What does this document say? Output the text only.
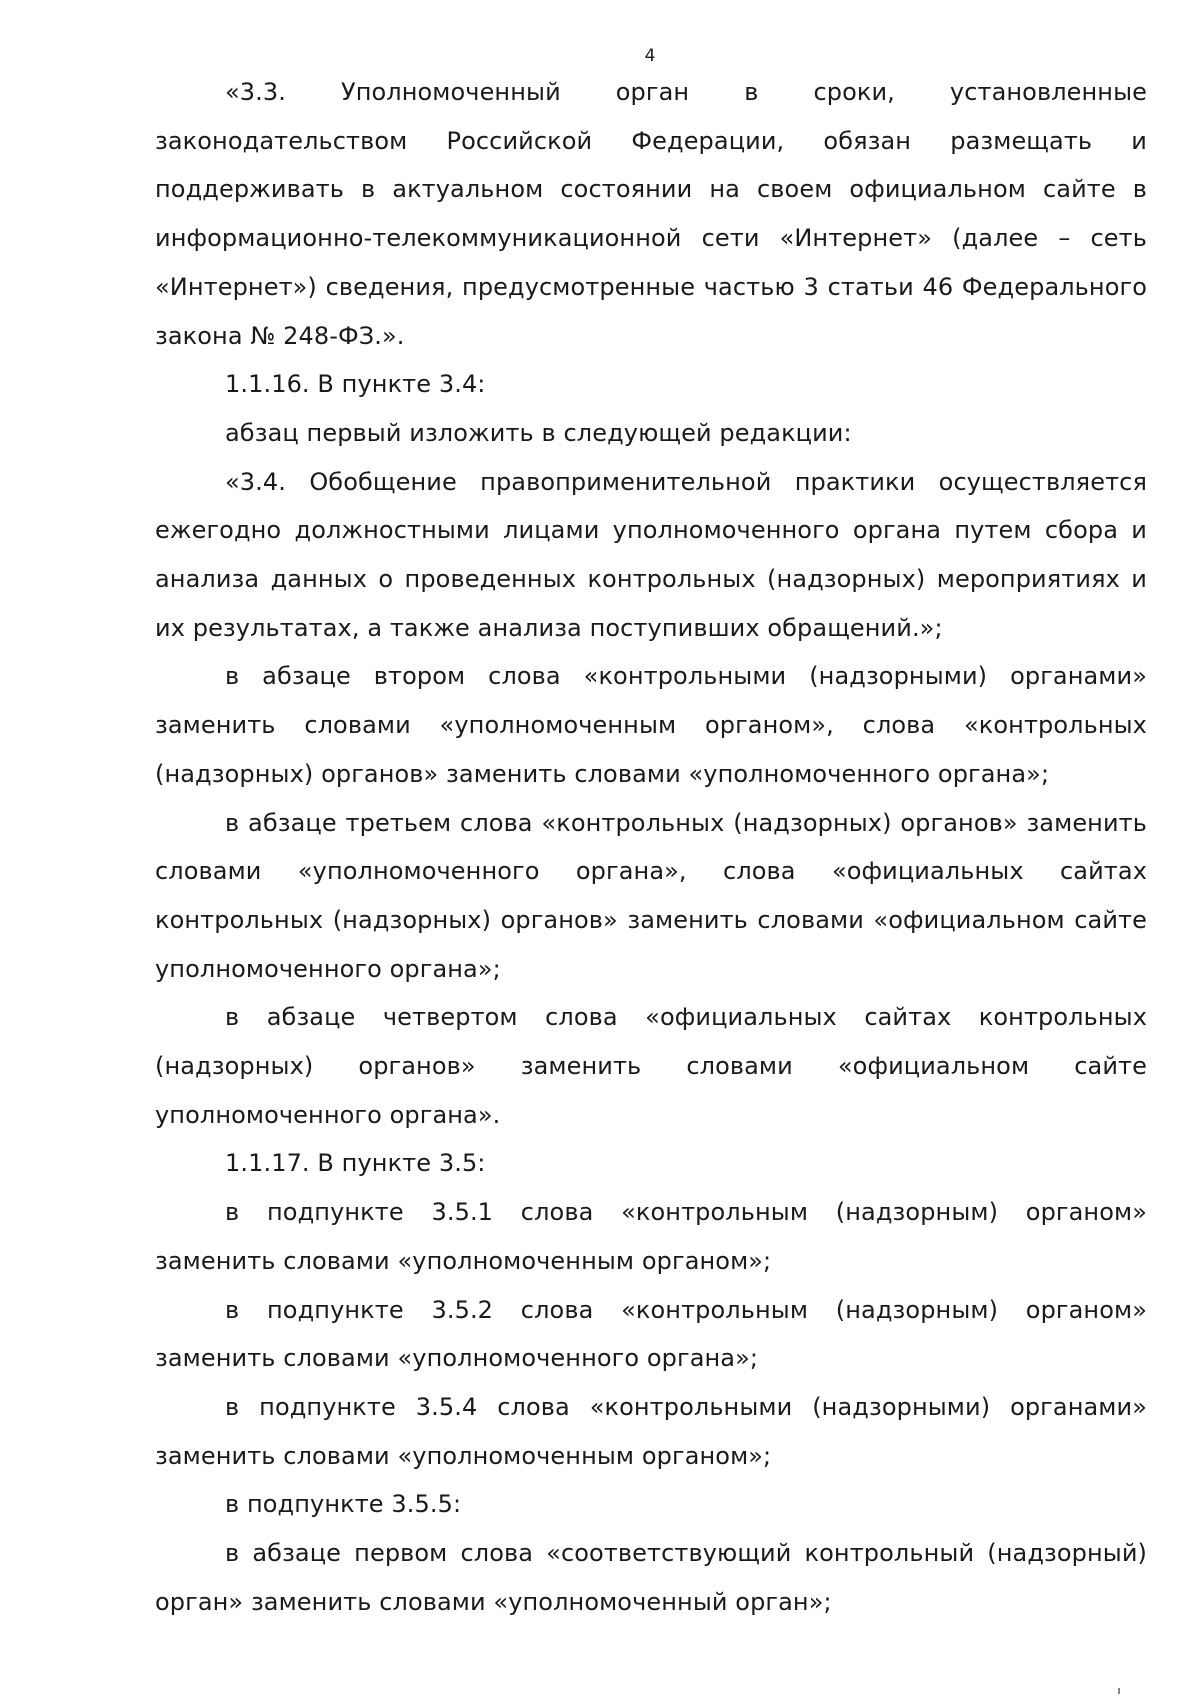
4

«3.3. Уполномоченный орган в сроки, установленные законодательством Российской Федерации, обязан размещать и поддерживать в актуальном состоянии на своем официальном сайте в информационно-телекоммуникационной сети «Интернет» (далее – сеть «Интернет») сведения, предусмотренные частью 3 статьи 46 Федерального закона № 248-ФЗ.».

1.1.16. В пункте 3.4:

абзац первый изложить в следующей редакции:

«3.4. Обобщение правоприменительной практики осуществляется ежегодно должностными лицами уполномоченного органа путем сбора и анализа данных о проведенных контрольных (надзорных) мероприятиях и их результатах, а также анализа поступивших обращений.»;

в абзаце втором слова «контрольными (надзорными) органами» заменить словами «уполномоченным органом», слова «контрольных (надзорных) органов» заменить словами «уполномоченного органа»;

в абзаце третьем слова «контрольных (надзорных) органов» заменить словами «уполномоченного органа», слова «официальных сайтах контрольных (надзорных) органов» заменить словами «официальном сайте уполномоченного органа»;

в абзаце четвертом слова «официальных сайтах контрольных (надзорных) органов» заменить словами «официальном сайте уполномоченного органа».

1.1.17. В пункте 3.5:

в подпункте 3.5.1 слова «контрольным (надзорным) органом» заменить словами «уполномоченным органом»;

в подпункте 3.5.2 слова «контрольным (надзорным) органом» заменить словами «уполномоченного органа»;

в подпункте 3.5.4 слова «контрольными (надзорными) органами» заменить словами «уполномоченным органом»;

в подпункте 3.5.5:

в абзаце первом слова «соответствующий контрольный (надзорный) орган» заменить словами «уполномоченный орган»;
